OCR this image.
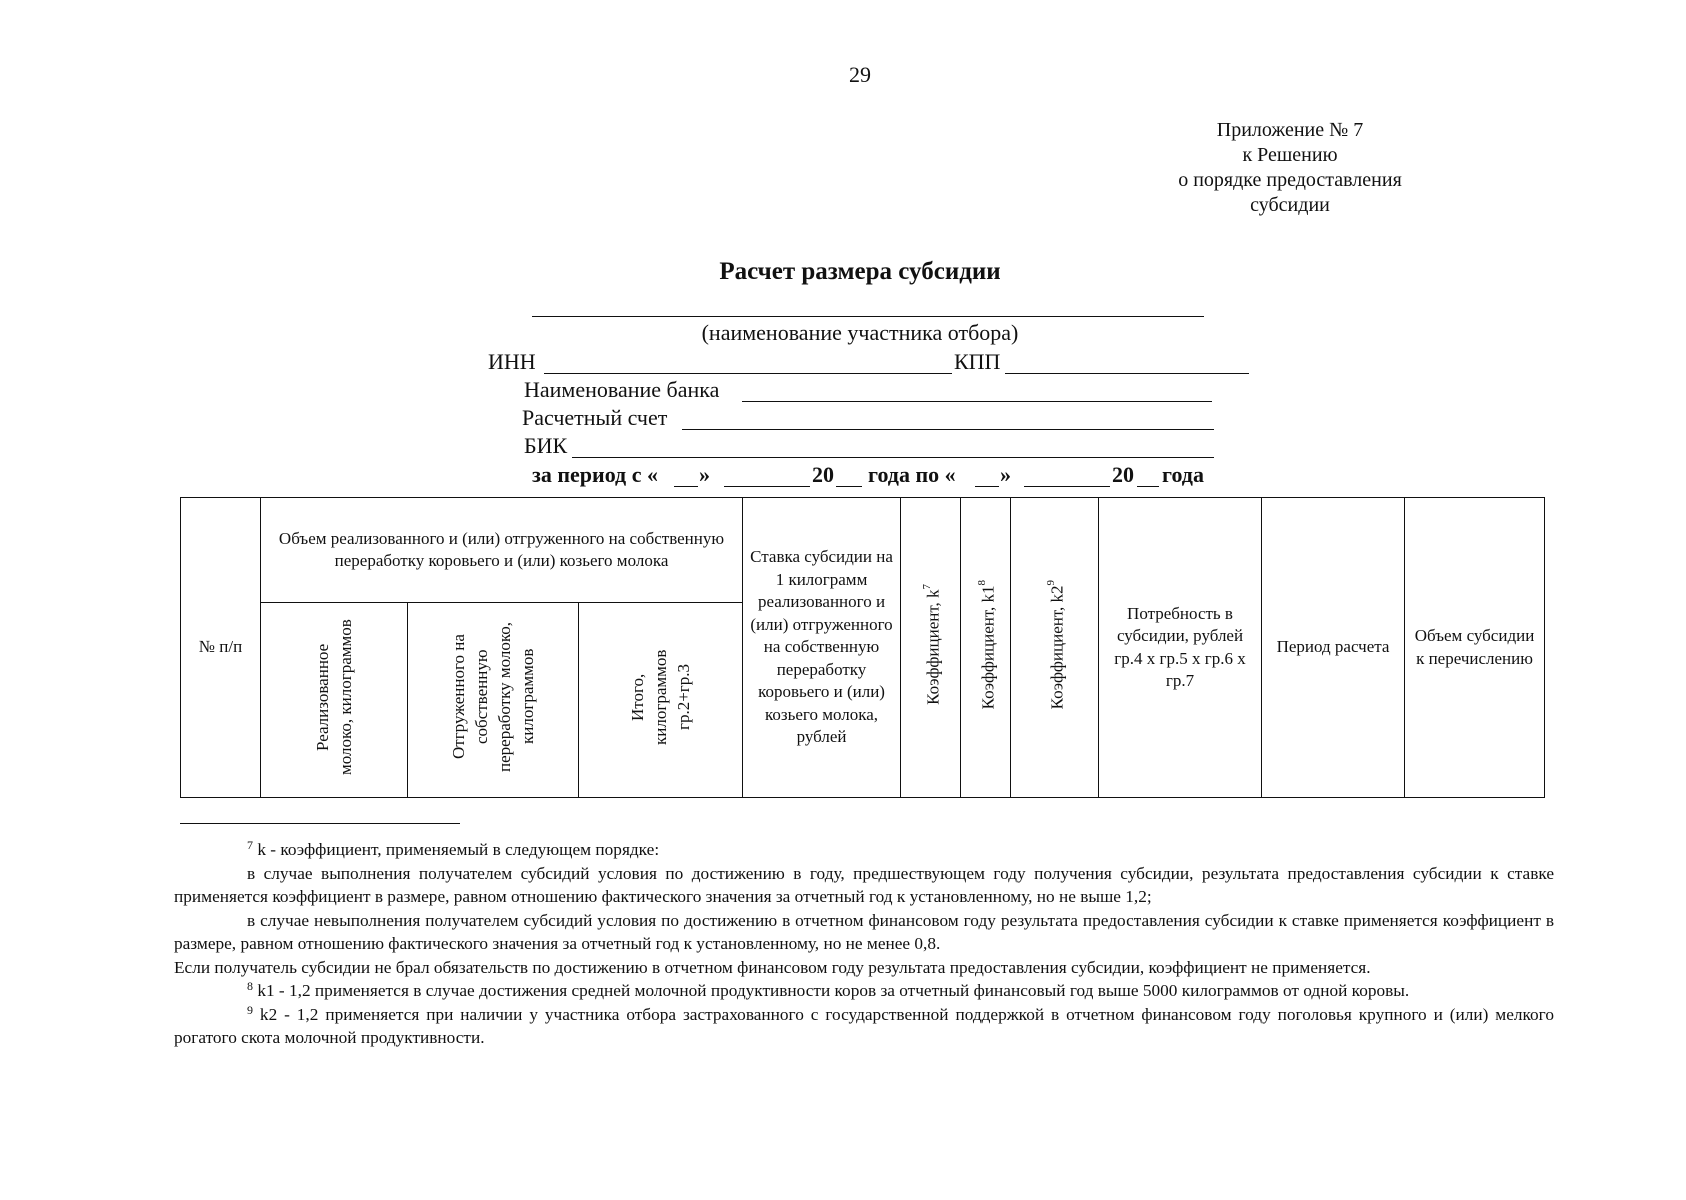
29
Приложение № 7
к Решению
о порядке предоставления
субсидии
Расчет размера субсидии
(наименование участника отбора)
ИНН	КПП
Наименование банка
Расчетный счет
БИК
за период с « »	20 года по « »	20 года
№ п/п	Объем реализованного и (или) отгруженного на собственную переработку коровьего и (или) козьего молока			Ставка субсидии на 1 килограмм реализованного и (или) отгруженного на собственную переработку коровьего и (или) козьего молока, рублей	Коэффициент, $k^7$	Коэффициент, $k1^8$	Коэффициент, $k2^9$	Потребность в субсидии, рублей гр.4 х гр.5 х гр.6 х гр.7	Период расчета	Объем субсидии к перечислению
	Реализованное молоко, килограммов	Отгруженного на собственную переработку молоко, килограммов	Итого, килограммов гр.2+гр.3							

$^7$ k - коэффициент, применяемый в следующем порядке:

в случае выполнения получателем субсидий условия по достижению в году, предшествующем году получения субсидии, результата предоставления субсидии к ставке применяется коэффициент в размере, равном отношению фактического значения за отчетный год к установленному, но не выше 1,2;

в случае невыполнения получателем субсидий условия по достижению в отчетном финансовом году результата предоставления субсидии к ставке применяется коэффициент в размере, равном отношению фактического значения за отчетный год к установленному, но не менее 0,8.

Если получатель субсидии не брал обязательств по достижению в отчетном финансовом году результата предоставления субсидии, коэффициент не применяется.

$^8$ k1 - 1,2 применяется в случае достижения средней молочной продуктивности коров за отчетный финансовый год выше 5000 килограммов от одной коровы.

$^9$ k2 - 1,2 применяется при наличии у участника отбора застрахованного с государственной поддержкой в отчетном финансовом году поголовья крупного и (или) мелкого рогатого скота молочной продуктивности.
